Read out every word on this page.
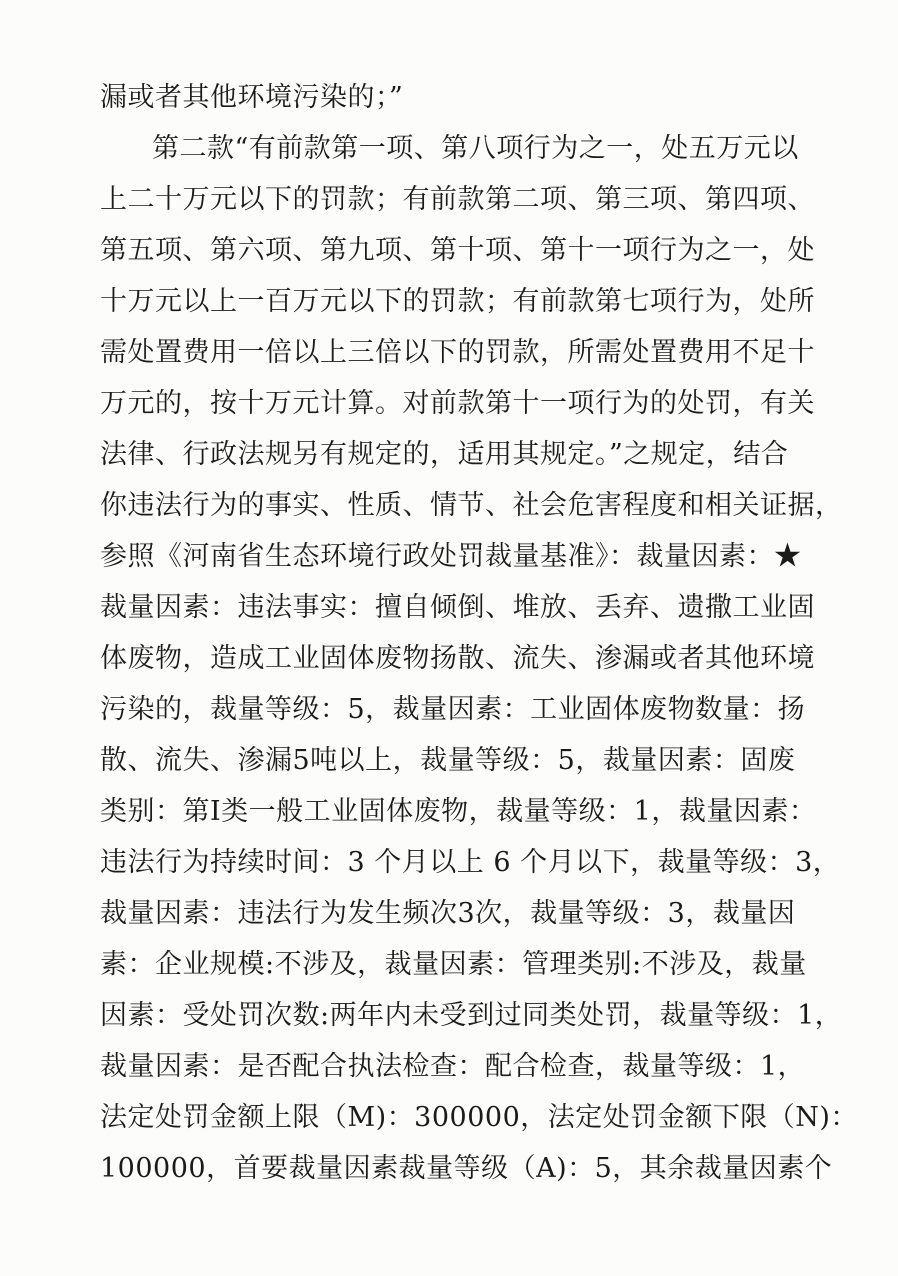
漏或者其他环境污染的；”
第二款“有前款第一项、第八项行为之一，处五万元以
上二十万元以下的罚款；有前款第二项、第三项、第四项、
第五项、第六项、第九项、第十项、第十一项行为之一，处
十万元以上一百万元以下的罚款；有前款第七项行为，处所
需处置费用一倍以上三倍以下的罚款，所需处置费用不足十
万元的，按十万元计算。对前款第十一项行为的处罚，有关
法律、行政法规另有规定的，适用其规定。”之规定，结合
你违法行为的事实、性质、情节、社会危害程度和相关证据，
参照《河南省生态环境行政处罚裁量基准》：裁量因素：★
裁量因素：违法事实：擅自倾倒、堆放、丢弃、遗撒工业固
体废物，造成工业固体废物扬散、流失、渗漏或者其他环境
污染的，裁量等级：5，裁量因素：工业固体废物数量：扬
散、流失、渗漏5吨以上，裁量等级：5，裁量因素：固废
类别：第Ⅰ类一般工业固体废物，裁量等级：1，裁量因素：
违法行为持续时间：3 个月以上 6 个月以下，裁量等级：3，
裁量因素：违法行为发生频次3次，裁量等级：3，裁量因
素：企业规模:不涉及，裁量因素：管理类别:不涉及，裁量
因素：受处罚次数:两年内未受到过同类处罚，裁量等级：1，
裁量因素：是否配合执法检查：配合检查，裁量等级：1，
法定处罚金额上限（M)：300000，法定处罚金额下限（N)：
100000，首要裁量因素裁量等级（A)：5，其余裁量因素个
